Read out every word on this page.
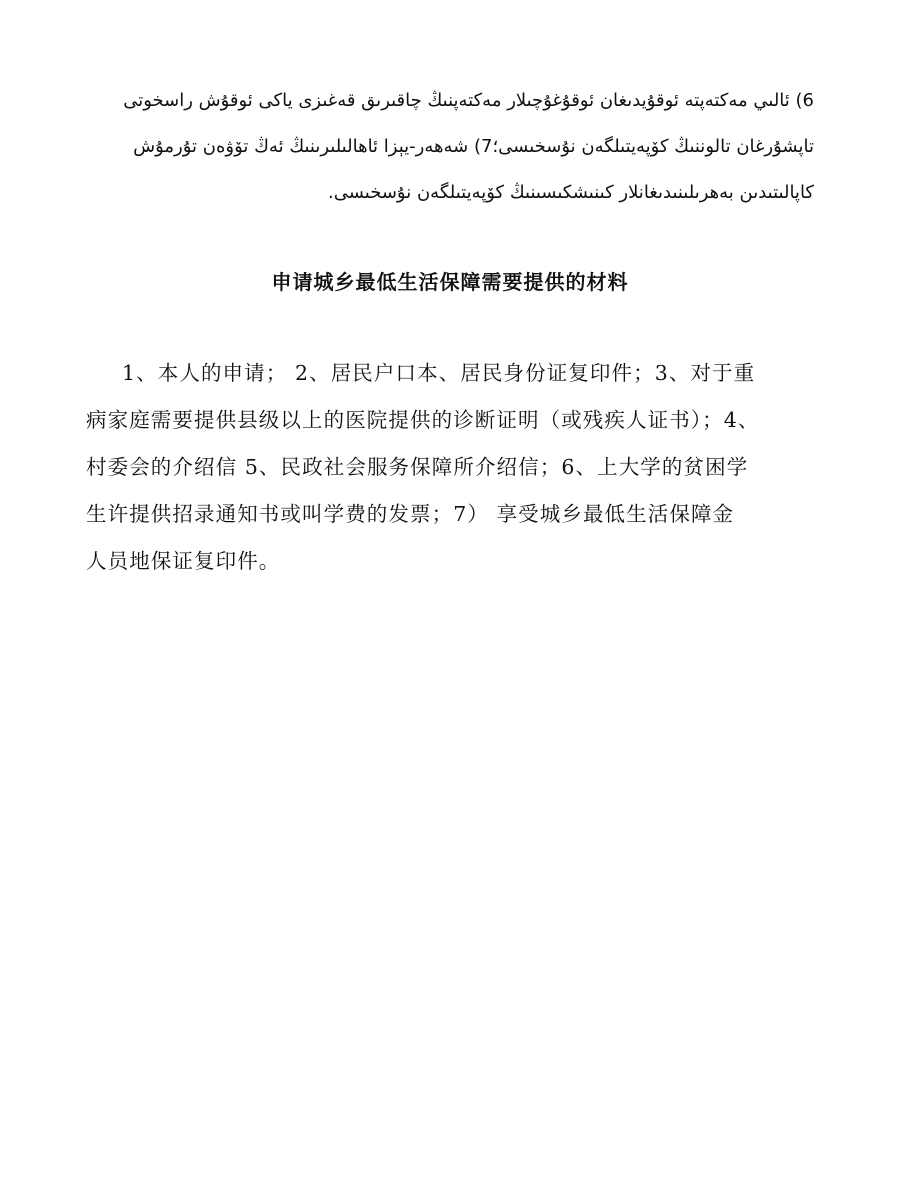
6) ئالىي مەكتەپتە ئوقۇيدىغان ئوقۇغۇچىلار مەكتەپنىڭ چاقىرىق قەغىزى ياكى ئوقۇش راسخوتى
تاپشۇرغان تالوننىڭ كۆپەيتىلگەن نۇسخىسى؛7) شەھەر-يېزا ئاھالىلىرىنىڭ ئەڭ تۆۋەن تۇرمۇش
كاپالىتىدىن بەھرىلىنىدىغانلار كىنىشكىسىنىڭ كۆپەيتىلگەن نۇسخىسى.
申请城乡最低生活保障需要提供的材料
1、本人的申请； 2、居民户口本、居民身份证复印件；3、对于重
病家庭需要提供县级以上的医院提供的诊断证明（或残疾人证书）；4、
村委会的介绍信 5、民政社会服务保障所介绍信；6、上大学的贫困学
生许提供招录通知书或叫学费的发票；7） 享受城乡最低生活保障金
人员地保证复印件。
